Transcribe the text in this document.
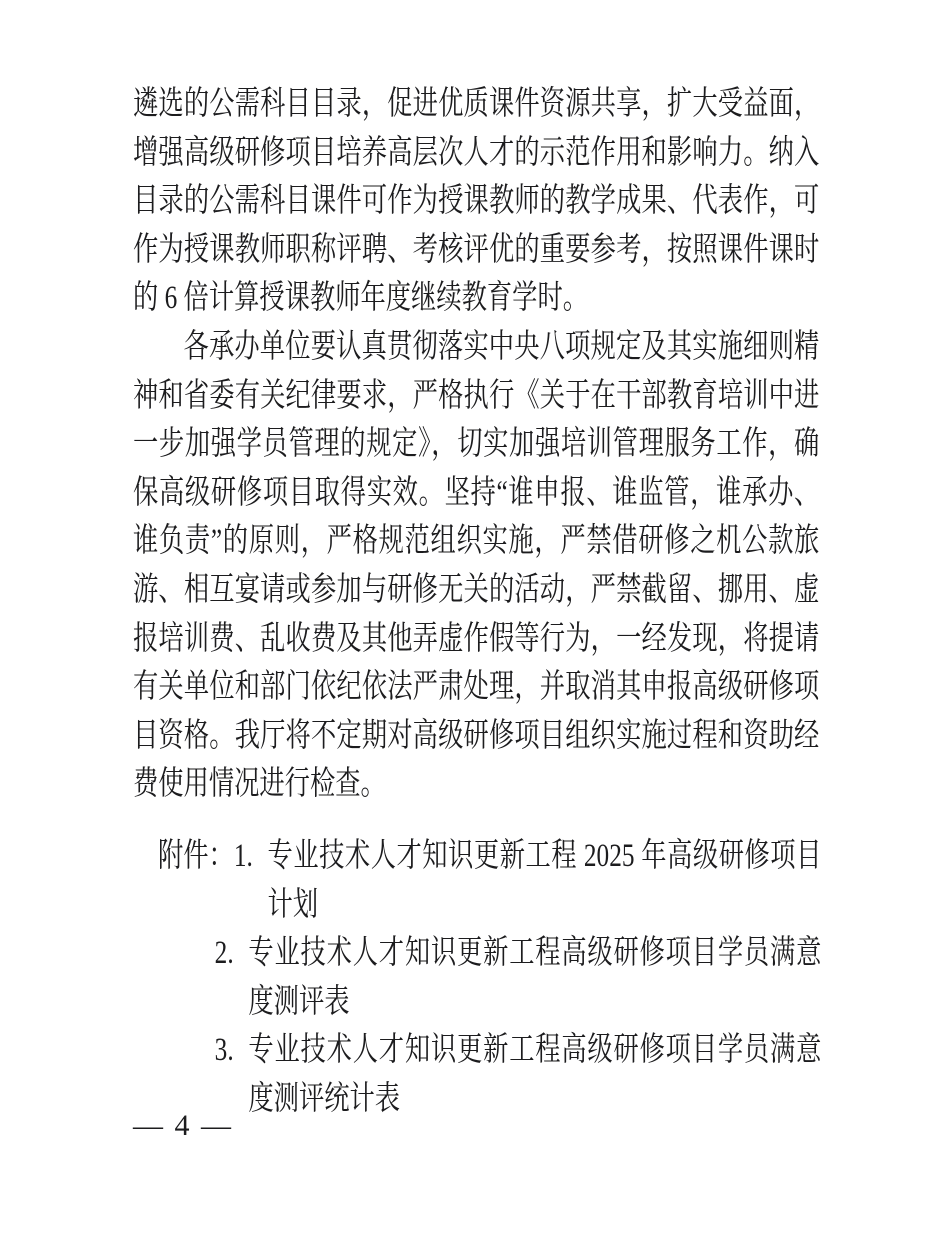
遴选的公需科目目录，促进优质课件资源共享，扩大受益面，增强高级研修项目培养高层次人才的示范作用和影响力。纳入目录的公需科目课件可作为授课教师的教学成果、代表作，可作为授课教师职称评聘、考核评优的重要参考，按照课件课时的 6 倍计算授课教师年度继续教育学时。

各承办单位要认真贯彻落实中央八项规定及其实施细则精神和省委有关纪律要求，严格执行《关于在干部教育培训中进一步加强学员管理的规定》，切实加强培训管理服务工作，确保高级研修项目取得实效。坚持“谁申报、谁监管，谁承办、谁负责”的原则，严格规范组织实施，严禁借研修之机公款旅游、相互宴请或参加与研修无关的活动，严禁截留、挪用、虚报培训费、乱收费及其他弄虚作假等行为，一经发现，将提请有关单位和部门依纪依法严肃处理，并取消其申报高级研修项目资格。我厅将不定期对高级研修项目组织实施过程和资助经费使用情况进行检查。

附件： 1. 专业技术人才知识更新工程 2025 年高级研修项目计划
2. 专业技术人才知识更新工程高级研修项目学员满意度测评表
3. 专业技术人才知识更新工程高级研修项目学员满意度测评统计表
— 4 —
